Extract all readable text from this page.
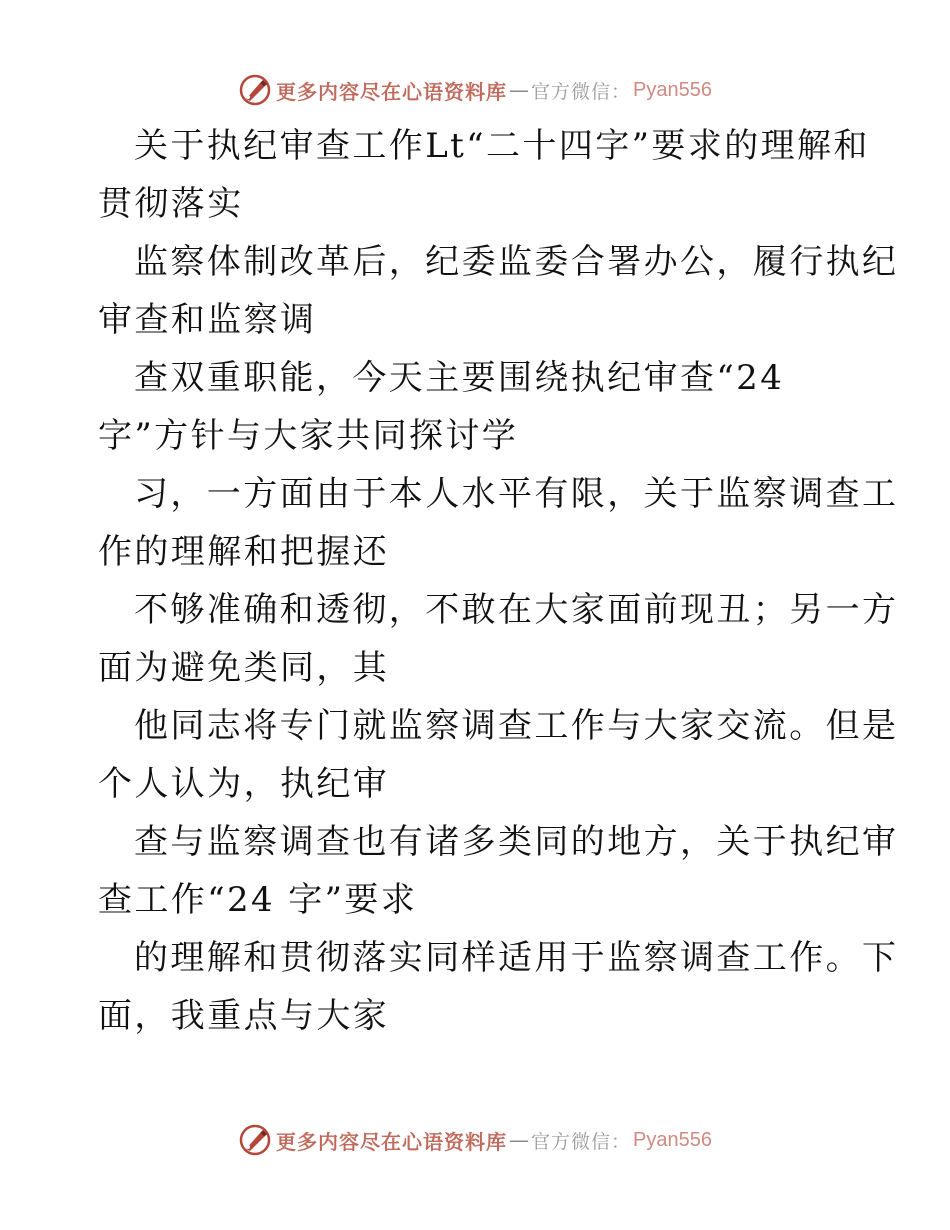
更多内容尽在心语资料库 — 官方微信： Pyan556
关于执纪审查工作Lt“二十四字”要求的理解和
贯彻落实
监察体制改革后，纪委监委合署办公，履行执纪
审查和监察调
查双重职能，今天主要围绕执纪审查“24
字”方针与大家共同探讨学
习，一方面由于本人水平有限，关于监察调查工
作的理解和把握还
不够准确和透彻，不敢在大家面前现丑；另一方
面为避免类同，其
他同志将专门就监察调查工作与大家交流。但是
个人认为，执纪审
查与监察调查也有诸多类同的地方，关于执纪审
查工作“24 字”要求
的理解和贯彻落实同样适用于监察调查工作。下
面，我重点与大家
更多内容尽在心语资料库 — 官方微信： Pyan556
